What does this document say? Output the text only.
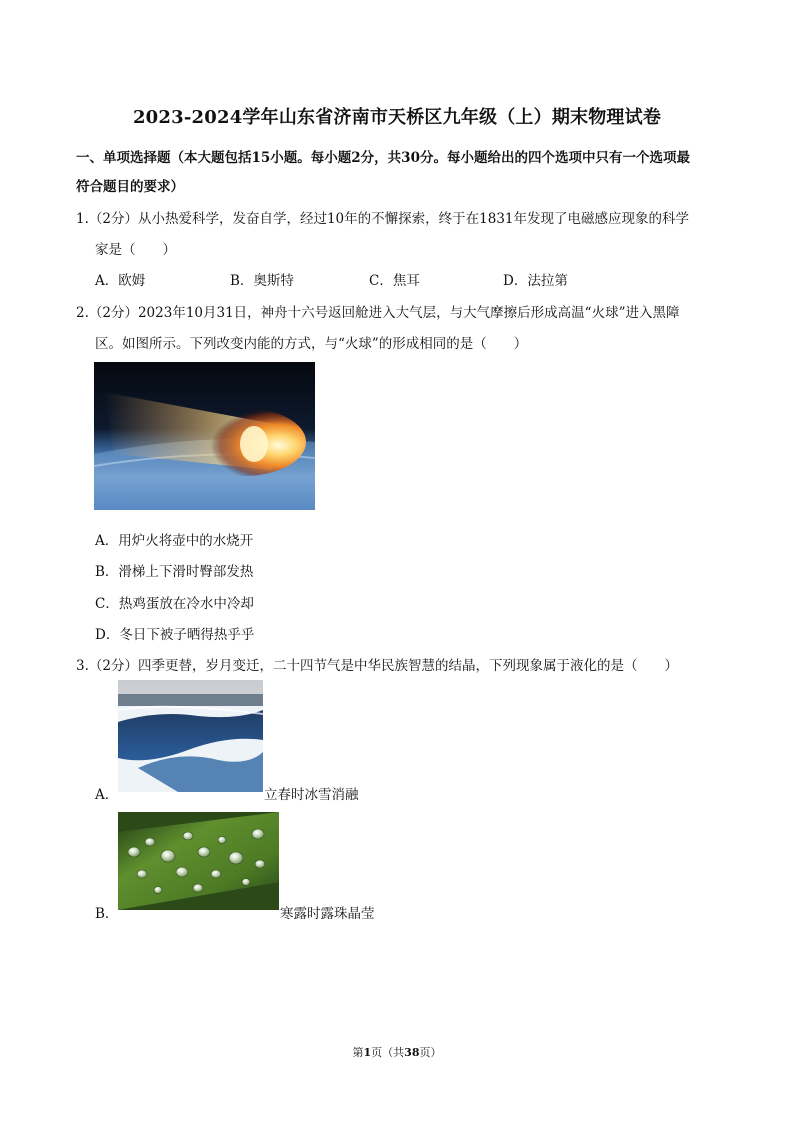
2023-2024学年山东省济南市天桥区九年级（上）期末物理试卷
一、单项选择题（本大题包括15小题。每小题2分，共30分。每小题给出的四个选项中只有一个选项最
符合题目的要求）
1.（2分）从小热爱科学，发奋自学，经过10年的不懈探索，终于在1831年发现了电磁感应现象的科学
家是（　　）
A．欧姆	B．奥斯特	C．焦耳	D．法拉第
2.（2分）2023年10月31日，神舟十六号返回舱进入大气层，与大气摩擦后形成高温“火球”进入黑障
区。如图所示。下列改变内能的方式，与“火球”的形成相同的是（　　）
A．用炉火将壶中的水烧开
B．滑梯上下滑时臀部发热
C．热鸡蛋放在冷水中冷却
D．冬日下被子晒得热乎乎
3.（2分）四季更替，岁月变迁，二十四节气是中华民族智慧的结晶，下列现象属于液化的是（　　）
A．	立春时冰雪消融
B．	寒露时露珠晶莹
第1页（共38页）
